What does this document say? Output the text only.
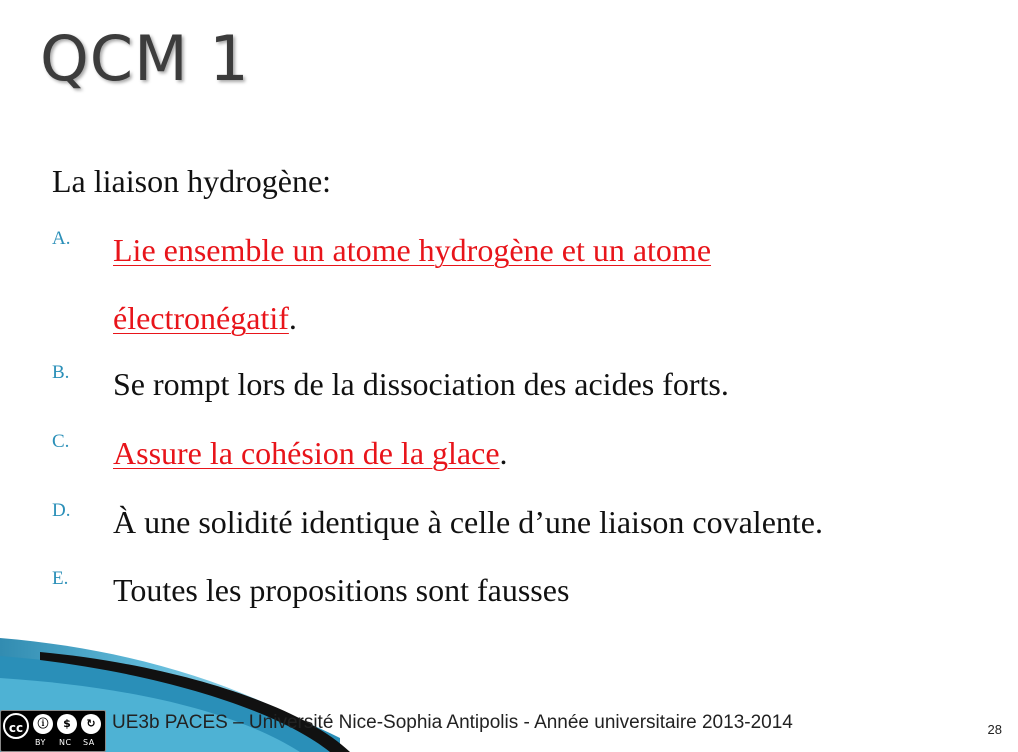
QCM 1
La liaison hydrogène:
A. Lie ensemble un atome hydrogène et un atome
électronégatif.
B. Se rompt lors de la dissociation des acides forts.
C. Assure la cohésion de la glace.
D. À une solidité identique à celle d’une liaison covalente.
E. Toutes les propositions sont fausses
cc	ⓘ	$	↻
BY NC SA
UE3b PACES – Université Nice-Sophia Antipolis - Année universitaire 2013-2014	28
